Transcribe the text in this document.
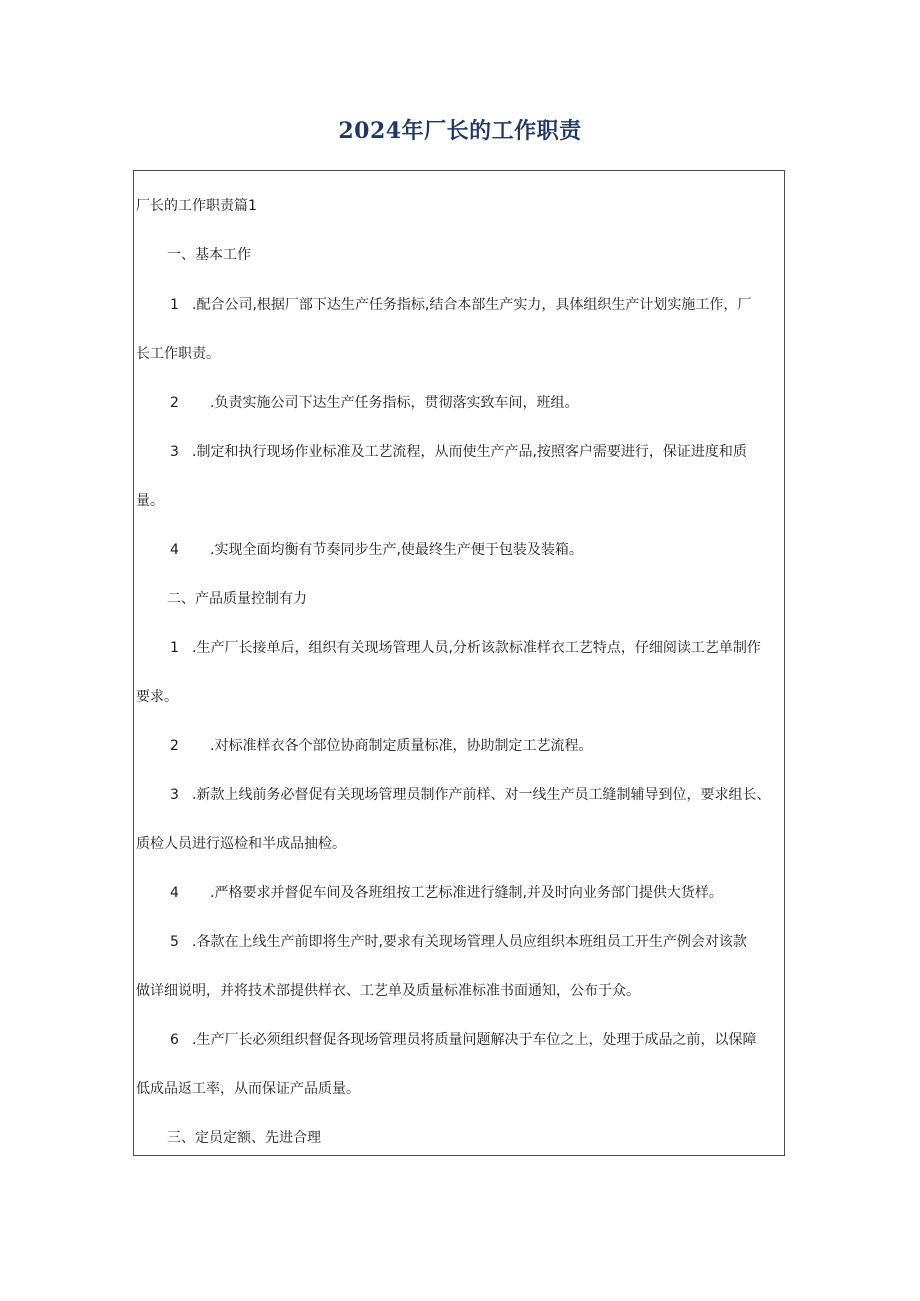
2024年厂长的工作职责
厂长的工作职责篇1
一、基本工作
1 .配合公司,根据厂部下达生产任务指标,结合本部生产实力，具体组织生产计划实施工作，厂
长工作职责。
2 .负责实施公司下达生产任务指标，贯彻落实致车间，班组。
3 .制定和执行现场作业标准及工艺流程，从而使生产产品,按照客户需要进行，保证进度和质
量。
4 .实现全面均衡有节奏同步生产,使最终生产便于包装及装箱。
二、产品质量控制有力
1 .生产厂长接单后，组织有关现场管理人员,分析该款标准样衣工艺特点，仔细阅读工艺单制作
要求。
2 .对标准样衣各个部位协商制定质量标准，协助制定工艺流程。
3 .新款上线前务必督促有关现场管理员制作产前样、对一线生产员工缝制辅导到位，要求组长、
质检人员进行巡检和半成品抽检。
4 .严格要求并督促车间及各班组按工艺标准进行缝制,并及时向业务部门提供大货样。
5 .各款在上线生产前即将生产时,要求有关现场管理人员应组织本班组员工开生产例会对该款
做详细说明，并将技术部提供样衣、工艺单及质量标准标准书面通知，公布于众。
6 .生产厂长必须组织督促各现场管理员将质量问题解决于车位之上，处理于成品之前，以保障
低成品返工率，从而保证产品质量。
三、定员定额、先进合理
